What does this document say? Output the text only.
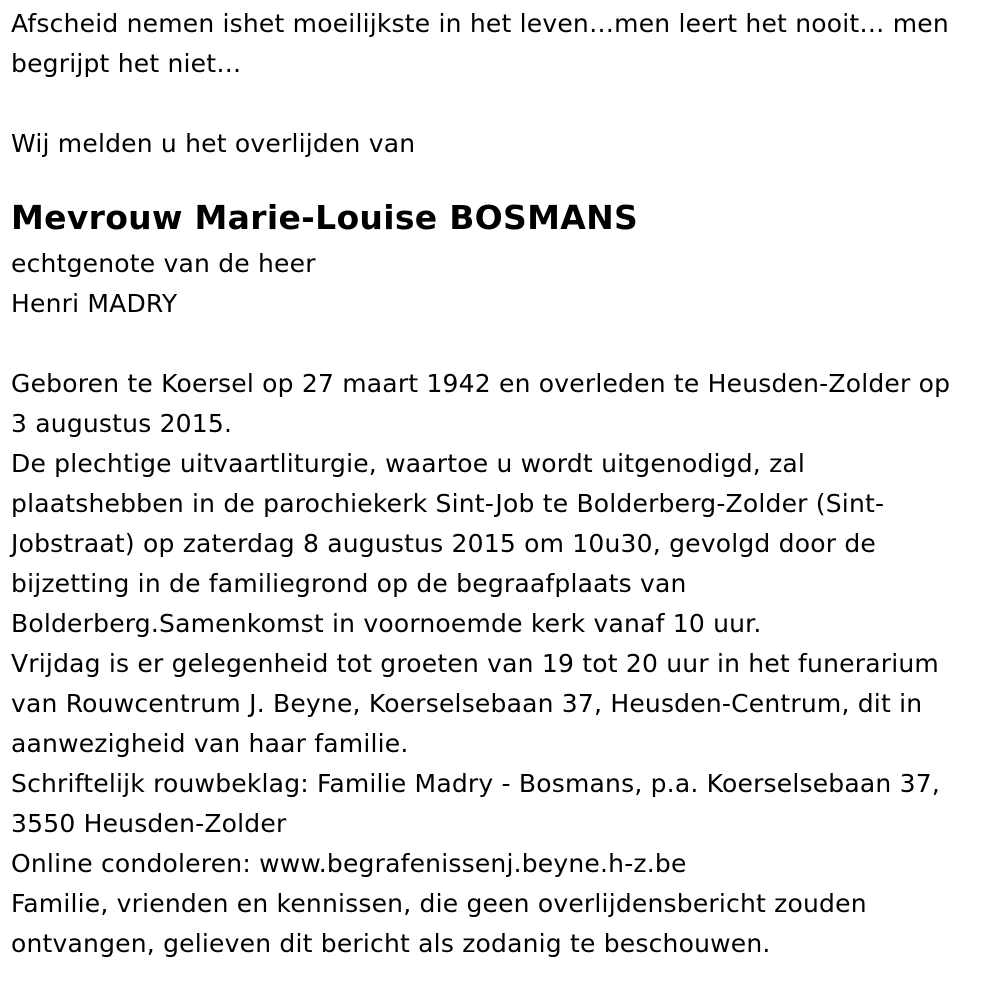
Afscheid nemen ishet moeilijkste in het leven…men leert het nooit… men
begrijpt het niet…
Wij melden u het overlijden van
Mevrouw Marie-Louise BOSMANS
echtgenote van de heer
Henri MADRY
Geboren te Koersel op 27 maart 1942 en overleden te Heusden-Zolder op
3 augustus 2015.
De plechtige uitvaartliturgie, waartoe u wordt uitgenodigd, zal
plaatshebben in de parochiekerk Sint-Job te Bolderberg-Zolder (Sint-
Jobstraat) op zaterdag 8 augustus 2015 om 10u30, gevolgd door de
bijzetting in de familiegrond op de begraafplaats van
Bolderberg.Samenkomst in voornoemde kerk vanaf 10 uur.
Vrijdag is er gelegenheid tot groeten van 19 tot 20 uur in het funerarium
van Rouwcentrum J. Beyne, Koerselsebaan 37, Heusden-Centrum, dit in
aanwezigheid van haar familie.
Schriftelijk rouwbeklag: Familie Madry - Bosmans, p.a. Koerselsebaan 37,
3550 Heusden-Zolder
Online condoleren: www.begrafenissenj.beyne.h-z.be
Familie, vrienden en kennissen, die geen overlijdensbericht zouden
ontvangen, gelieven dit bericht als zodanig te beschouwen.
